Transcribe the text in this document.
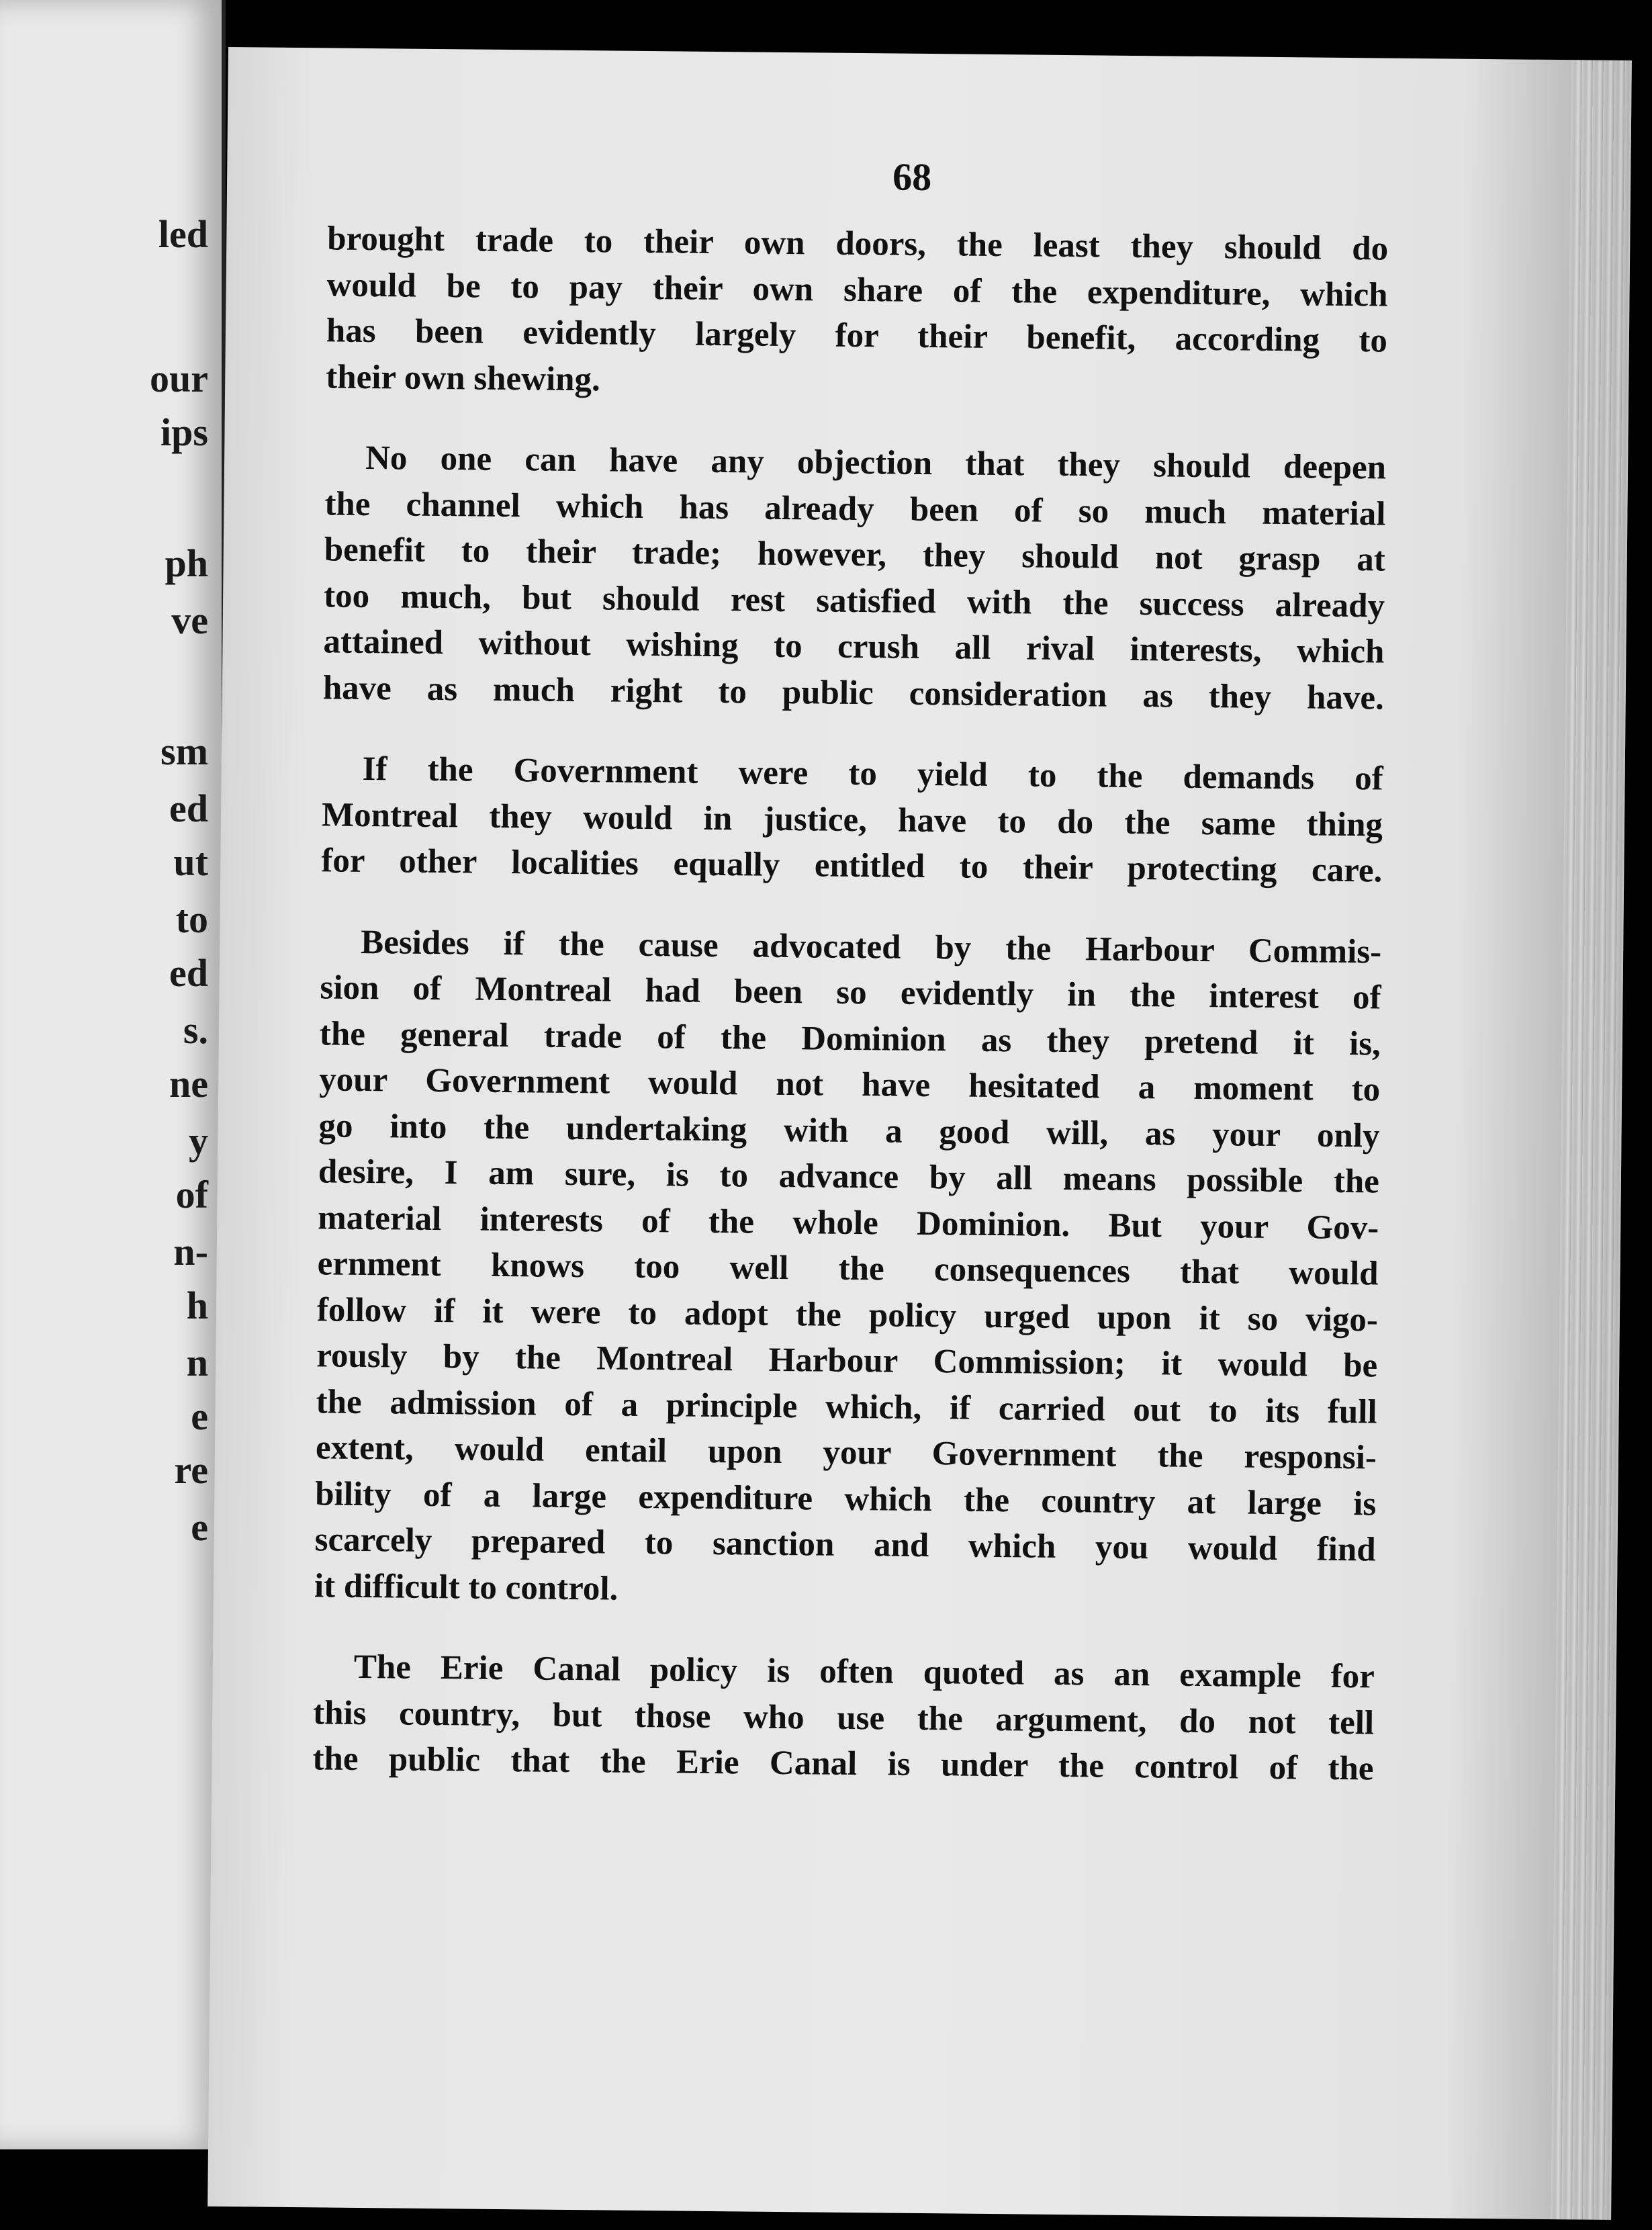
led
our
ips
ph
ve
sm
ed
ut
to
ed
s.
ne
y
of
n-
h
n
e
re
e
68

brought trade to their own doors, the least they should do
would be to pay their own share of the expenditure, which
has been evidently largely for their benefit, according to
their own shewing.

No one can have any objection that they should deepen
the channel which has already been of so much material
benefit to their trade; however, they should not grasp at
too much, but should rest satisfied with the success already
attained without wishing to crush all rival interests, which
have as much right to public consideration as they have.

If the Government were to yield to the demands of
Montreal they would in justice, have to do the same thing
for other localities equally entitled to their protecting care.

Besides if the cause advocated by the Harbour Commis-
sion of Montreal had been so evidently in the interest of
the general trade of the Dominion as they pretend it is,
your Government would not have hesitated a moment to
go into the undertaking with a good will, as your only
desire, I am sure, is to advance by all means possible the
material interests of the whole Dominion. But your Gov-
ernment knows too well the consequences that would
follow if it were to adopt the policy urged upon it so vigo-
rously by the Montreal Harbour Commission; it would be
the admission of a principle which, if carried out to its full
extent, would entail upon your Government the responsi-
bility of a large expenditure which the country at large is
scarcely prepared to sanction and which you would find
it difficult to control.

The Erie Canal policy is often quoted as an example for
this country, but those who use the argument, do not tell
the public that the Erie Canal is under the control of the
